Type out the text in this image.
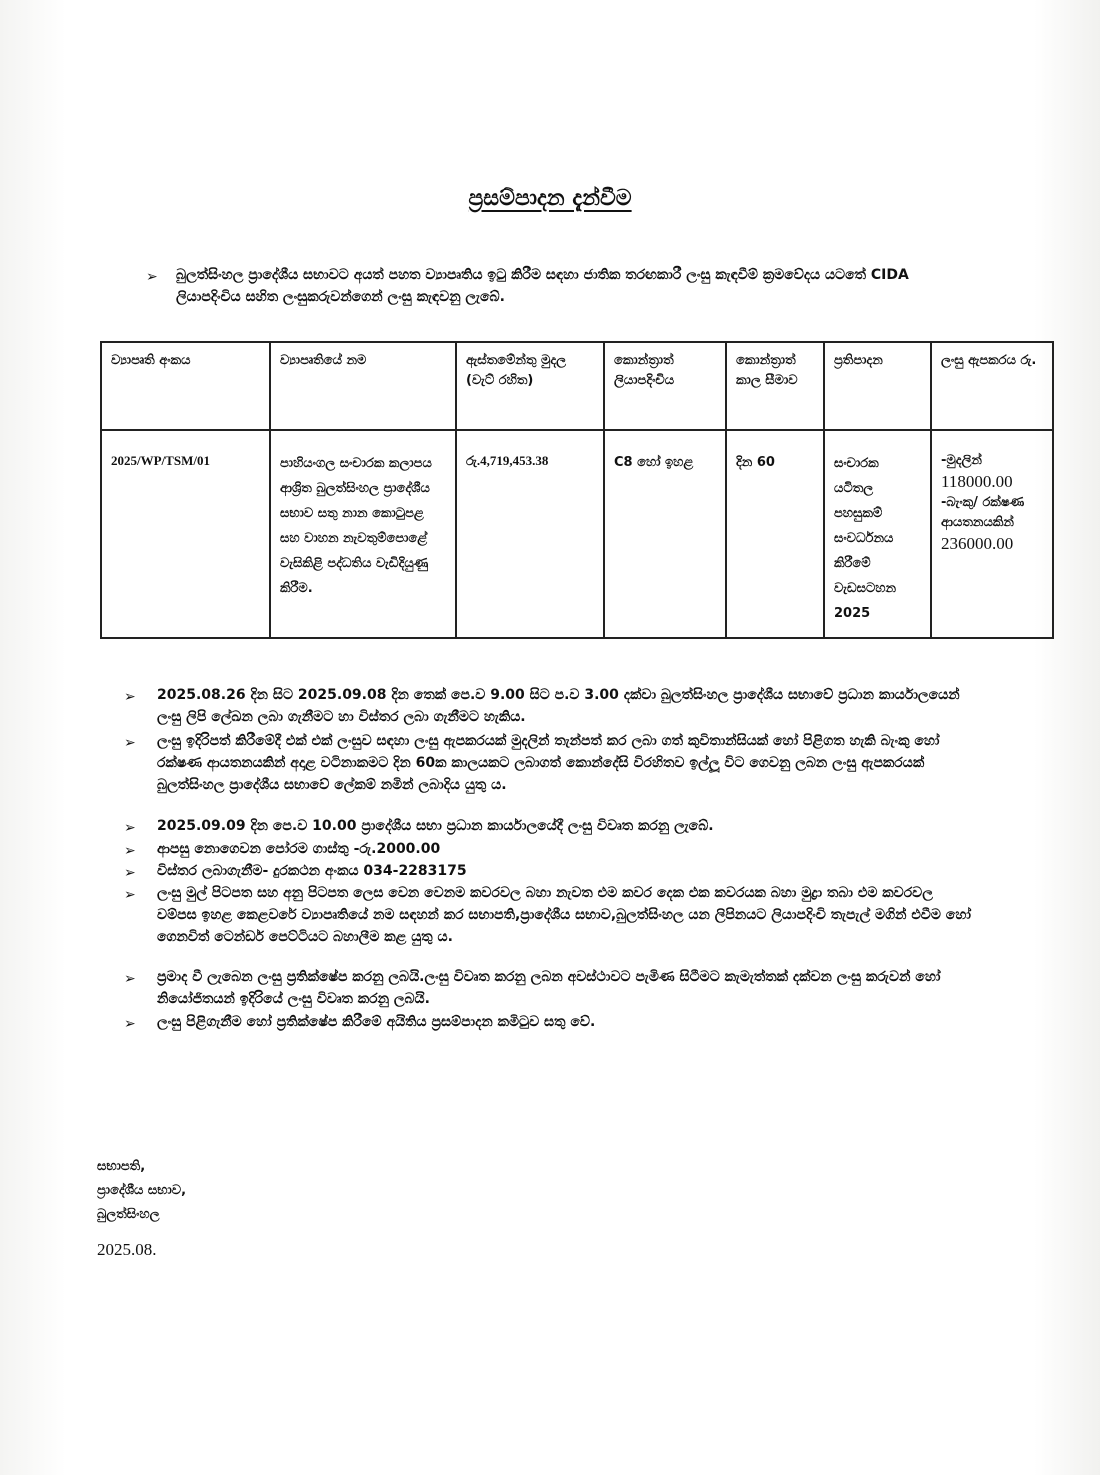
ප්‍රසම්පාදන දැන්වීම
➢ බුලත්සිංහල ප්‍රාදේශීය සභාවට අයත් පහත ව්‍යාපෘතිය ඉටු කිරීම සඳහා ජාතික තරඟකාරී ලංසු කැඳවීම් ක්‍රමවේදය යටතේ CIDA ලියාපදිංචිය සහිත ලංසුකරුවන්ගෙන් ලංසු කැඳවනු ලැබේ.
ව්‍යාපෘති අංකය	ව්‍යාපෘතියේ නම	ඇස්තමේන්තු මුදල (වැට් රහිත)	කොන්ත්‍රාත් ලියාපදිංචිය	කොන්ත්‍රාත් කාල සීමාව	ප්‍රතිපාදන	ලංසු ඇපකරය රු.
2025/WP/TSM/01	පාහියංගල සංචාරක කලාපය ආශ්‍රිත බුලත්සිංහල ප්‍රාදේශීය සභාව සතු නාන කොටුපළ සහ වාහන නැවතුම්පොළේ වැසිකිළි පද්ධතිය වැඩිදියුණු කිරීම.	රු.4,719,453.38	C8 හෝ ඉහළ	දින 60	සංචාරක යටිතල පහසුකම් සංවර්ධනය කිරීමේ වැඩසටහන 2025	-මුදලින්
118000.00
-බැංකු/ රක්ෂණ ආයතනයකින්
236000.00
➢ 2025.08.26 දින සිට 2025.09.08 දින තෙක් පෙ.ව 9.00 සිට ප.ව 3.00 දක්වා බුලත්සිංහල ප්‍රාදේශීය සභාවේ ප්‍රධාන කාර්යාලයෙන් ලංසු ලිපි ලේඛන ලබා ගැනීමට හා විස්තර ලබා ගැනීමට හැකිය.
➢ ලංසු ඉදිරිපත් කිරීමේදී එක් එක් ලංසුව සඳහා ලංසු ඇපකරයක් මුදලින් තැන්පත් කර ලබා ගත් කුවිතාන්සියක් හෝ පිළිගත හැකි බැංකු හෝ රක්ෂණ ආයතනයකින් අදාළ වටිනාකමට දින 60ක කාලයකට ලබාගත් කොන්දේසි විරහිතව ඉල්ලූ විට ගෙවනු ලබන ලංසු ඇපකරයක් බුලත්සිංහල ප්‍රාදේශීය සභාවේ ලේකම් නමින් ලබාදිය යුතු ය.
➢ 2025.09.09 දින පෙ.ව 10.00 ප්‍රාදේශීය සභා ප්‍රධාන කාර්යාලයේදී ලංසු විවෘත කරනු ලැබේ.
➢ ආපසු නොගෙවන පෝරම ගාස්තු -රු.2000.00
➢ විස්තර ලබාගැනීම- දුරකථන අංකය 034-2283175
➢ ලංසු මුල් පිටපත සහ අනු පිටපත ලෙස වෙන වෙනම කවරවල බහා නැවත එම කවර දෙක එක කවරයක බහා මුද්‍රා තබා එම කවරවල වම්පස ඉහළ කෙළවරේ ව්‍යාපෘතියේ නම සඳහන් කර සභාපති,ප්‍රාදේශීය සභාව,බුලත්සිංහල යන ලිපිනයට ලියාපදිංචි තැපැල් මගින් එවීම හෝ ගෙනවිත් ටෙන්ඩර් පෙට්ටියට බහාලීම කළ යුතු ය.
➢ ප්‍රමාද වී ලැබෙන ලංසු ප්‍රතික්ෂේප කරනු ලබයි.ලංසු විවෘත කරනු ලබන අවස්ථාවට පැමිණ සිටීමට කැමැත්තක් දක්වන ලංසු කරුවන් හෝ නියෝජිතයන් ඉදිරියේ ලංසු විවෘත කරනු ලබයි.
➢ ලංසු පිළිගැනීම හෝ ප්‍රතික්ෂේප කිරීමේ අයිතිය ප්‍රසම්පාදන කමිටුව සතු වේ.
සභාපති,
ප්‍රාදේශීය සභාව,
බුලත්සිංහල
2025.08.
